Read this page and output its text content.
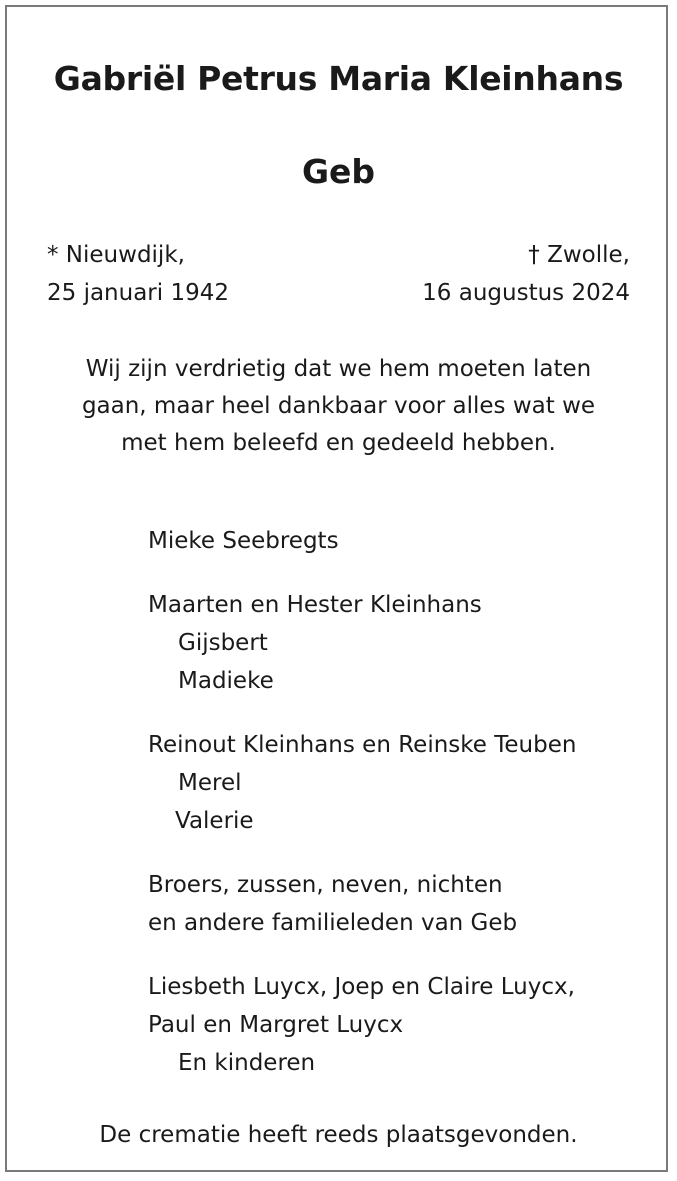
Gabriël Petrus Maria Kleinhans
Geb
* Nieuwdijk,
25 januari 1942
† Zwolle,
16 augustus 2024
Wij zijn verdrietig dat we hem moeten laten
gaan, maar heel dankbaar voor alles wat we
met hem beleefd en gedeeld hebben.
Mieke Seebregts
Maarten en Hester Kleinhans
Gijsbert
Madieke
Reinout Kleinhans en Reinske Teuben
Merel
Valerie
Broers, zussen, neven, nichten
en andere familieleden van Geb
Liesbeth Luycx, Joep en Claire Luycx,
Paul en Margret Luycx
En kinderen
De crematie heeft reeds plaatsgevonden.
